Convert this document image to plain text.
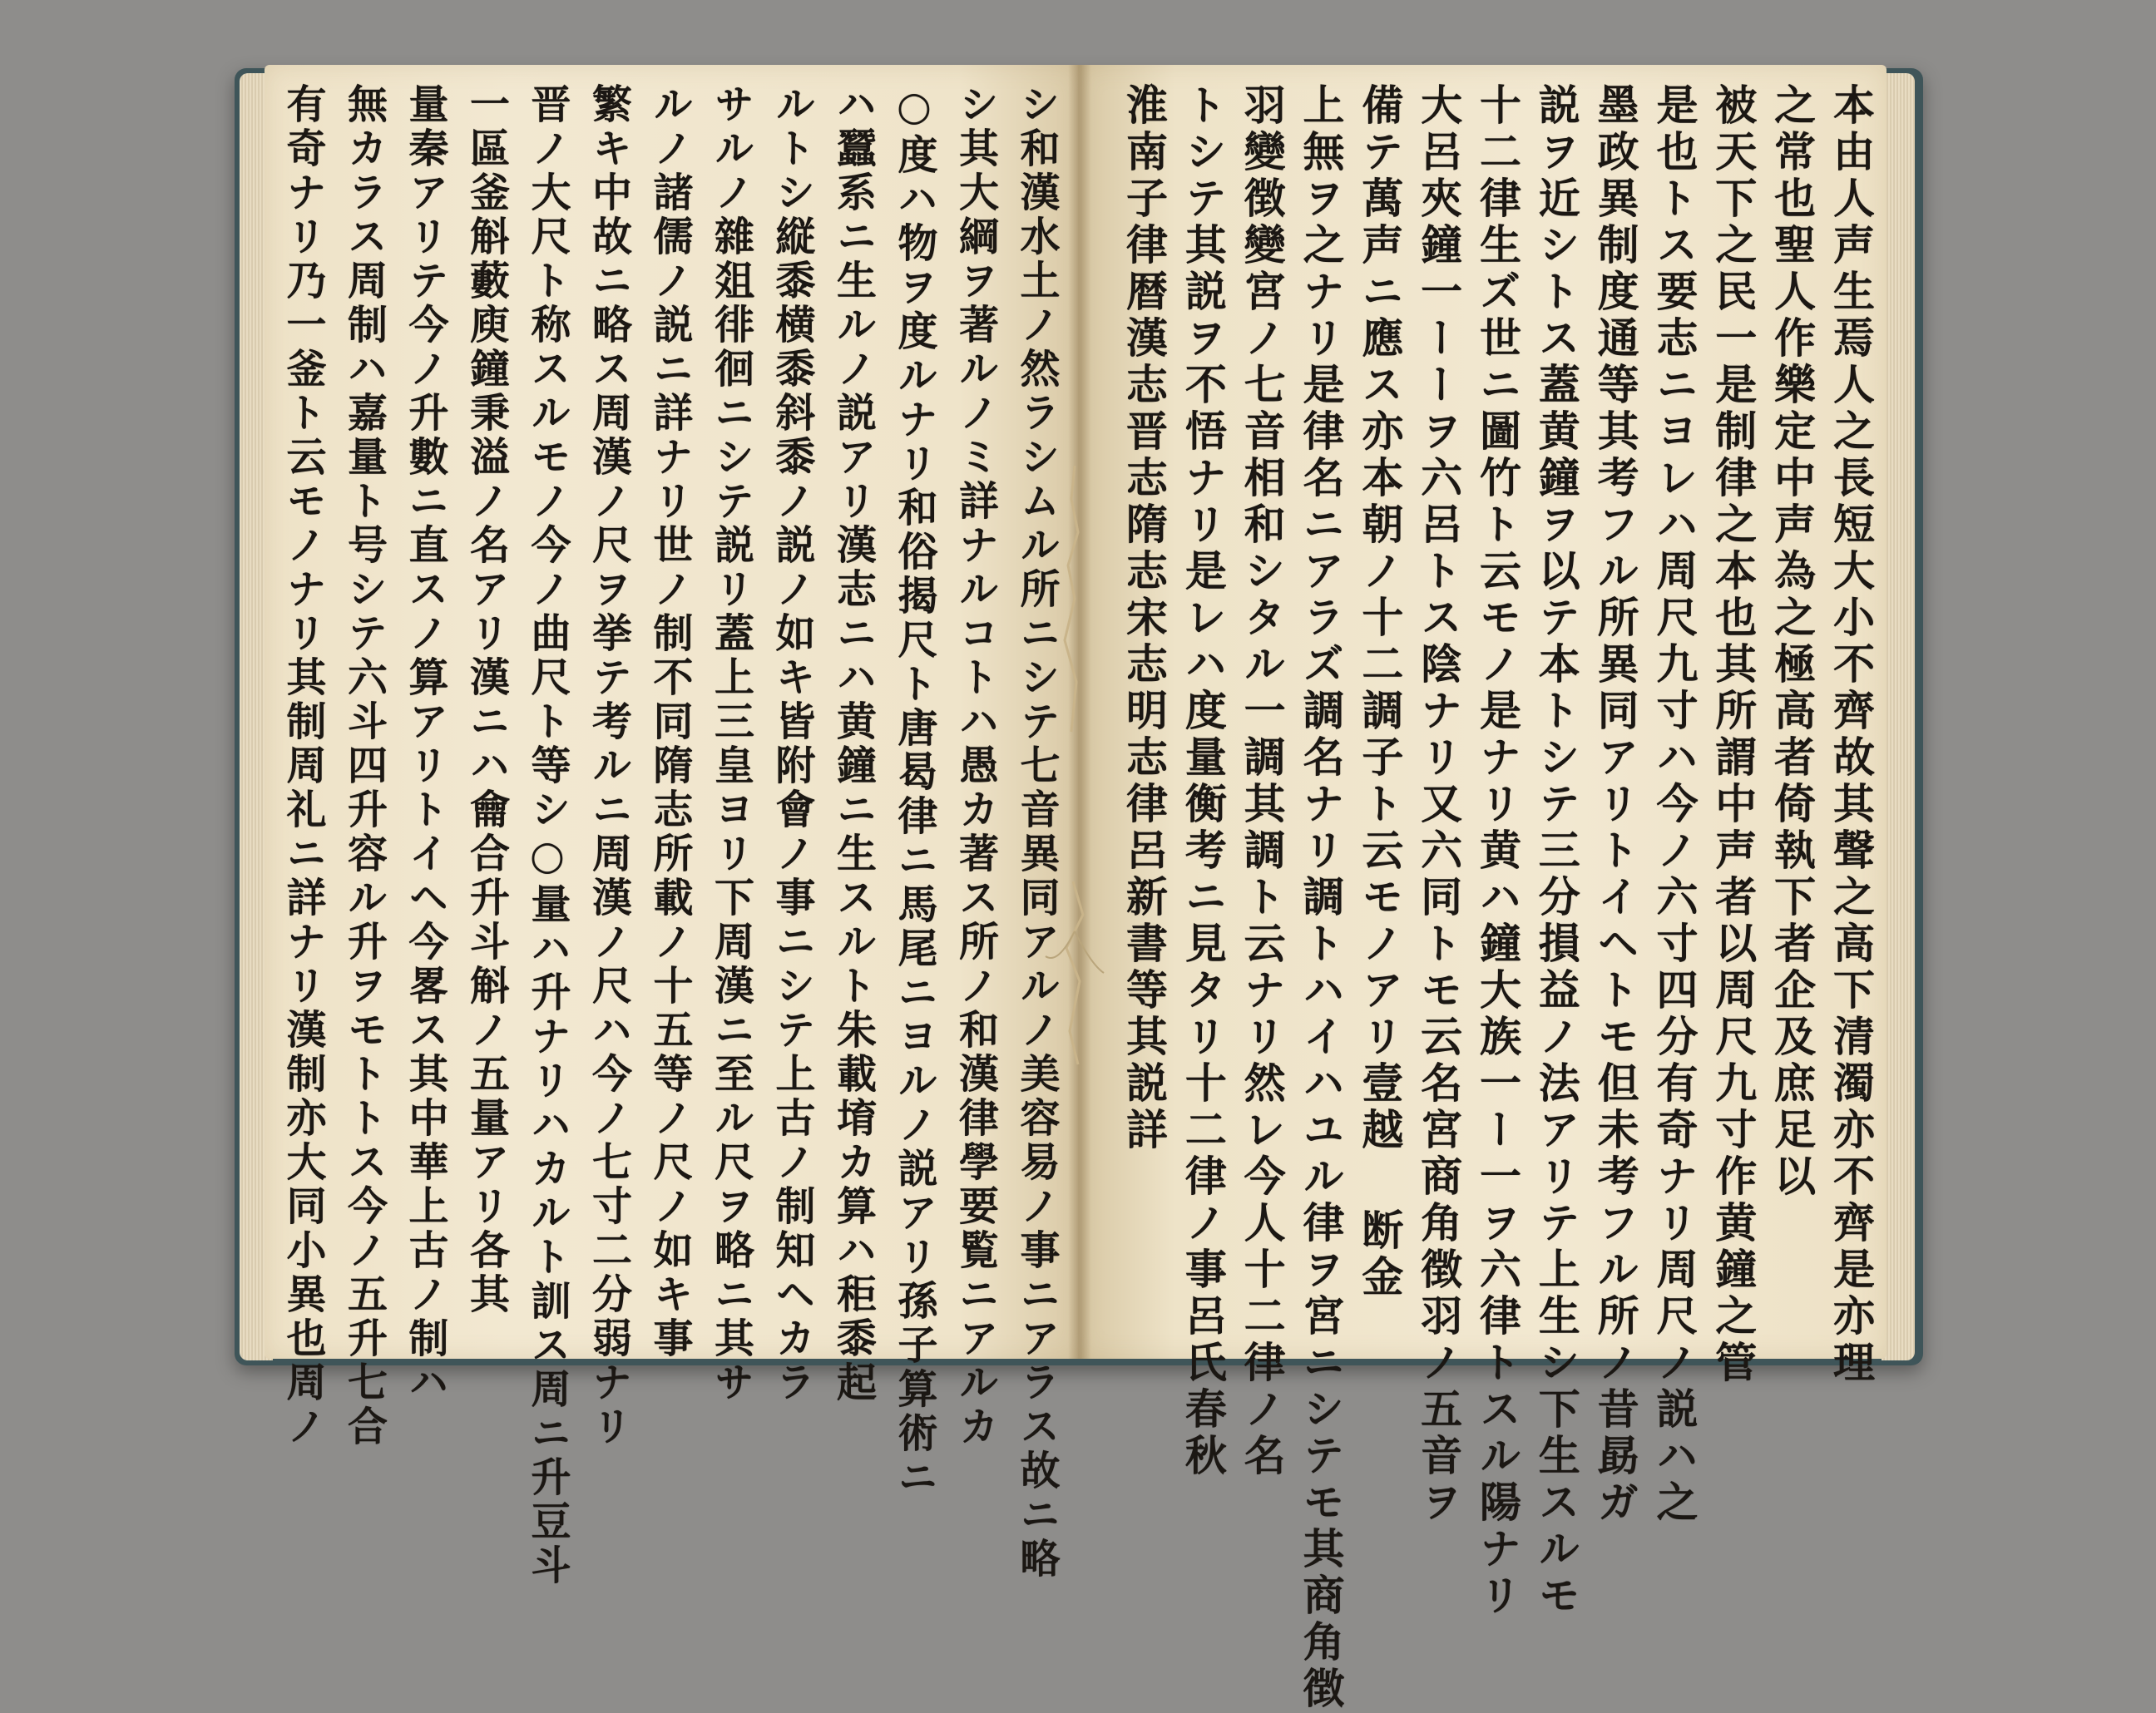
本由人声生焉人之長短大小不齊故其聲之高下清濁亦不齊是亦理
之常也聖人作樂定中声為之極高者倚執下者企及庶足以
被天下之民一是制律之本也其所謂中声者以周尺九寸作黄鐘之管
是也トス要志ニヨレハ周尺九寸ハ今ノ六寸四分有奇ナリ周尺ノ説ハ之
墨政異制度通等其考フル所異同アリトイヘトモ但未考フル所ノ昔勗ガ
説ヲ近シトス蓋黄鐘ヲ以テ本トシテ三分損益ノ法アリテ上生シ下生スルモ
十二律生ズ世ニ圖竹ト云モノ是ナリ黄ハ鐘大族一ー一ヲ六律トスル陽ナリ
大呂夾鐘一ーーヲ六呂トス陰ナリ又六同トモ云名宮商角徴羽ノ五音ヲ
備テ萬声ニ應ス亦本朝ノ十二調子ト云モノアリ壹越 断金
上無ヲ之ナリ是律名ニアラズ調名ナリ調トハイハユル律ヲ宮ニシテモ其商角徴
羽變徴變宮ノ七音相和シタル一調其調ト云ナリ然レ今人十二律ノ名
トシテ其説ヲ不悟ナリ是レハ度量衡考ニ見タリ十二律ノ事呂氏春秋
淮南子律暦漢志晋志隋志宋志明志律呂新書等其説詳
シ和漢水土ノ然ラシムル所ニシテ七音異同アルノ美容易ノ事ニアラス故ニ略
シ其大綱ヲ著ルノミ詳ナルコトハ愚カ著ス所ノ和漢律學要覧ニアルカ
○度ハ物ヲ度ルナリ和俗揭尺ト唐曷律ニ馬尾ニヨルノ説アリ孫子算術ニ
ハ蠶系ニ生ルノ説アリ漢志ニハ黄鐘ニ生スルト朱載堉カ算ハ秬黍起
ルトシ縦黍横黍斜黍ノ説ノ如キ皆附會ノ事ニシテ上古ノ制知ヘカラ
サルノ雜爼徘徊ニシテ説リ蓋上三皇ヨリ下周漢ニ至ル尺ヲ略ニ其サ
ルノ諸儒ノ説ニ詳ナリ世ノ制不同隋志所載ノ十五等ノ尺ノ如キ事
繁キ中故ニ略ス周漢ノ尺ヲ挙テ考ルニ周漢ノ尺ハ今ノ七寸二分弱ナリ
晋ノ大尺ト称スルモノ今ノ曲尺ト等シ○量ハ升ナリハカルト訓ス周ニ升豆斗
一區釜斛藪庾鐘秉溢ノ名アリ漢ニハ龠合升斗斛ノ五量アリ各其
量秦アリテ今ノ升數ニ直スノ算アリトイヘ今畧ス其中華上古ノ制ハ
無カラス周制ハ嘉量ト号シテ六斗四升容ル升ヲモトトス今ノ五升七合
有奇ナリ乃一釜ト云モノナリ其制周礼ニ詳ナリ漢制亦大同小異也周ノ
